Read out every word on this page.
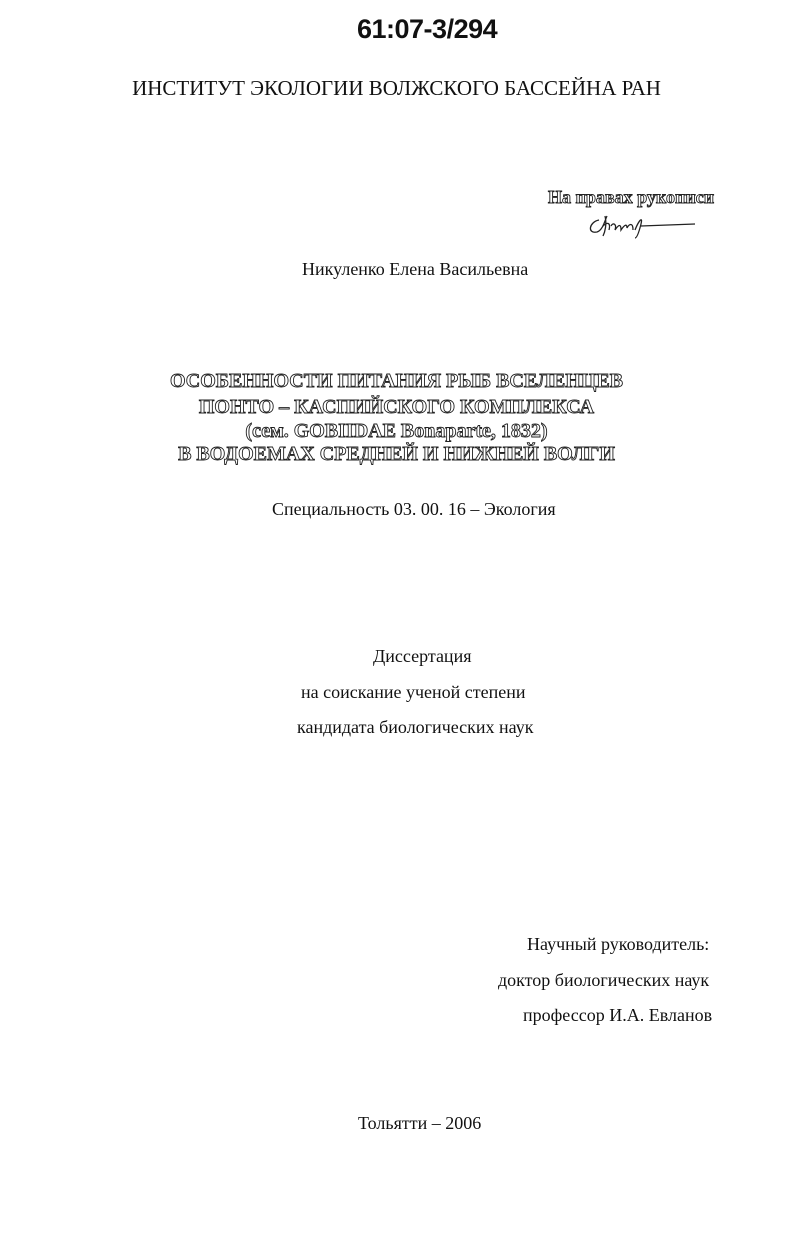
61:07-3/294
ИНСТИТУТ ЭКОЛОГИИ ВОЛЖСКОГО БАССЕЙНА РАН
На правах рукописи
Никуленко Елена Васильевна
ОСОБЕННОСТИ ПИТАНИЯ РЫБ ВСЕЛЕНЦЕВ
ПОНТО – КАСПИЙСКОГО КОМПЛЕКСА
(сем. GOBIIDAE Bonaparte, 1832)
В ВОДОЕМАХ СРЕДНЕЙ И НИЖНЕЙ ВОЛГИ
Специальность 03. 00. 16 – Экология
Диссертация
на соискание ученой степени
кандидата биологических наук
Научный руководитель:
доктор биологических наук
профессор И.А. Евланов
Тольятти – 2006
